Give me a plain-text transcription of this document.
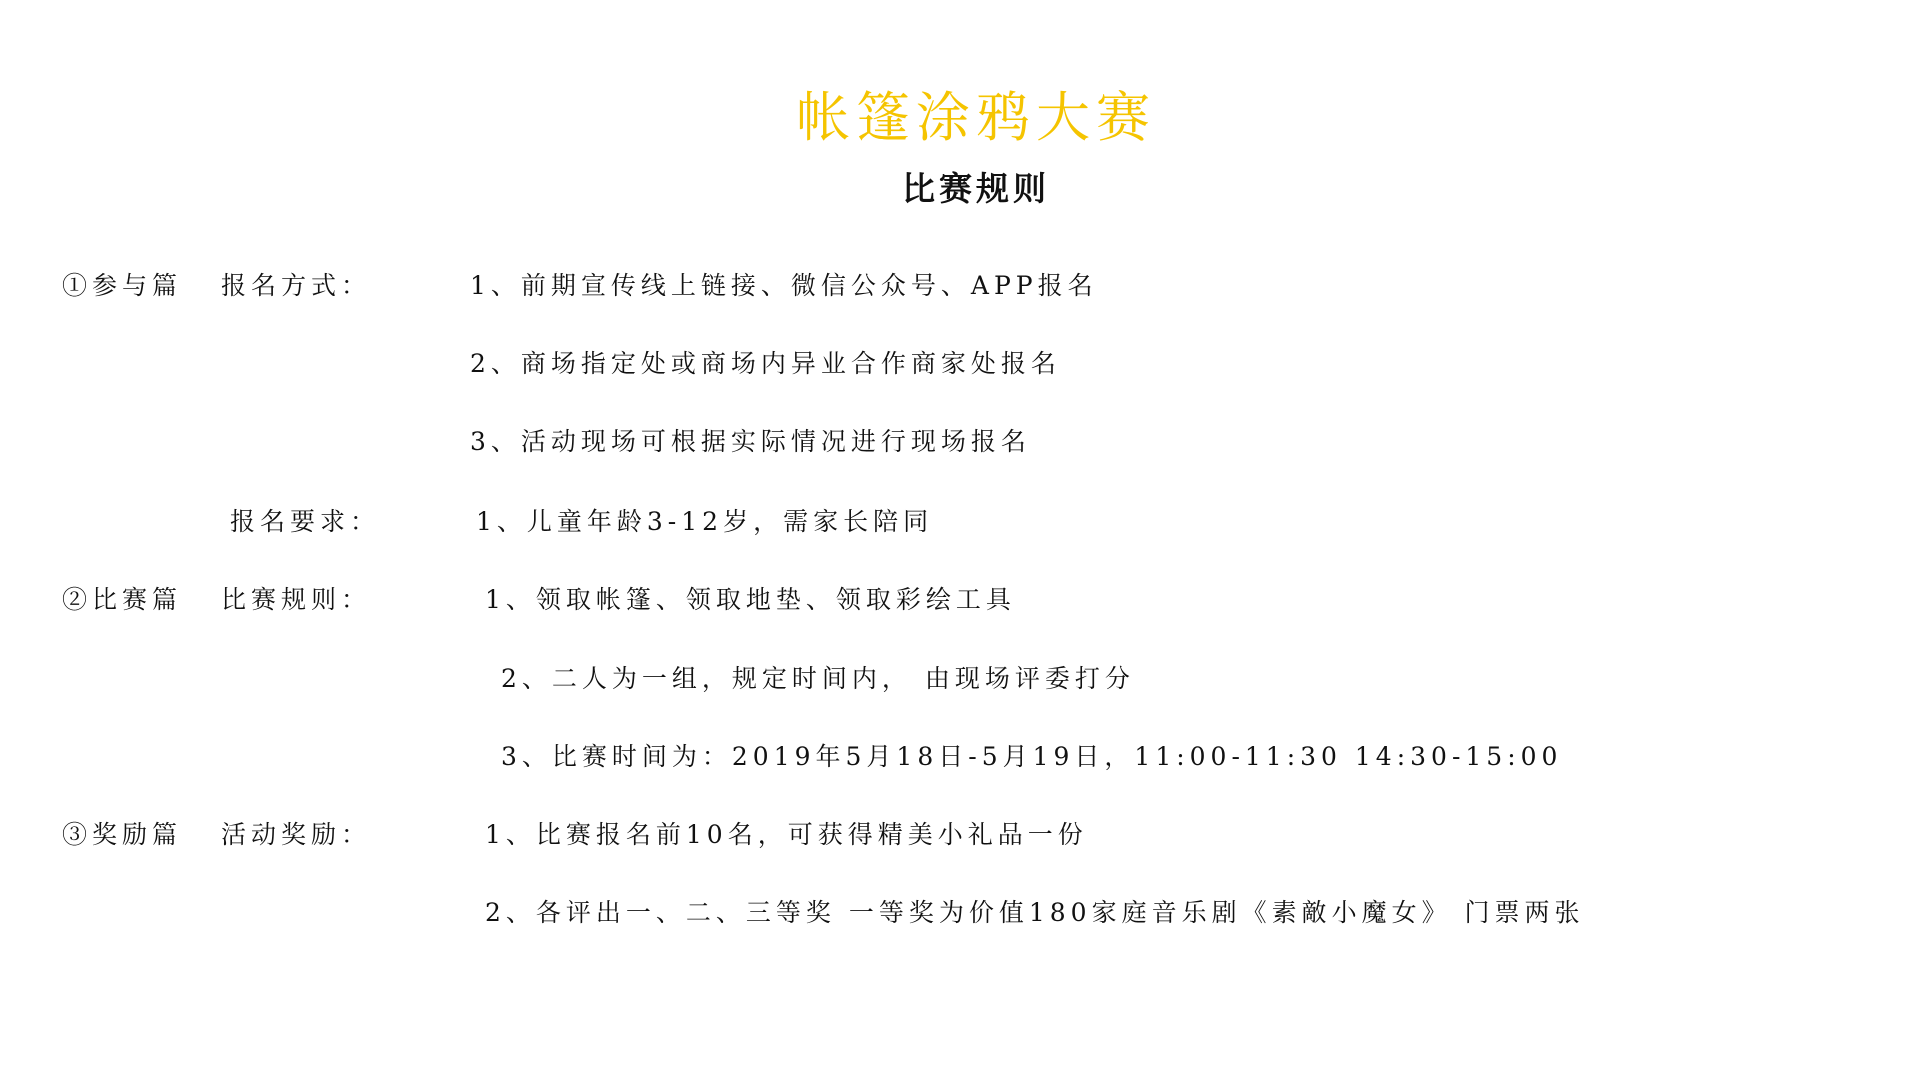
帐篷涂鸦大赛
比赛规则
①参与篇 报名方式：	1、前期宣传线上链接、微信公众号、APP报名
2、商场指定处或商场内异业合作商家处报名
3、活动现场可根据实际情况进行现场报名
报名要求：	1、儿童年龄3-12岁，需家长陪同
②比赛篇 比赛规则：	1、领取帐篷、领取地垫、领取彩绘工具
2、二人为一组，规定时间内， 由现场评委打分
3、比赛时间为：2019年5月18日-5月19日，11:00-11:30 14:30-15:00
③奖励篇 活动奖励：	1、比赛报名前10名，可获得精美小礼品一份
2、各评出一、二、三等奖 一等奖为价值180家庭音乐剧《素敵小魔女》 门票两张
